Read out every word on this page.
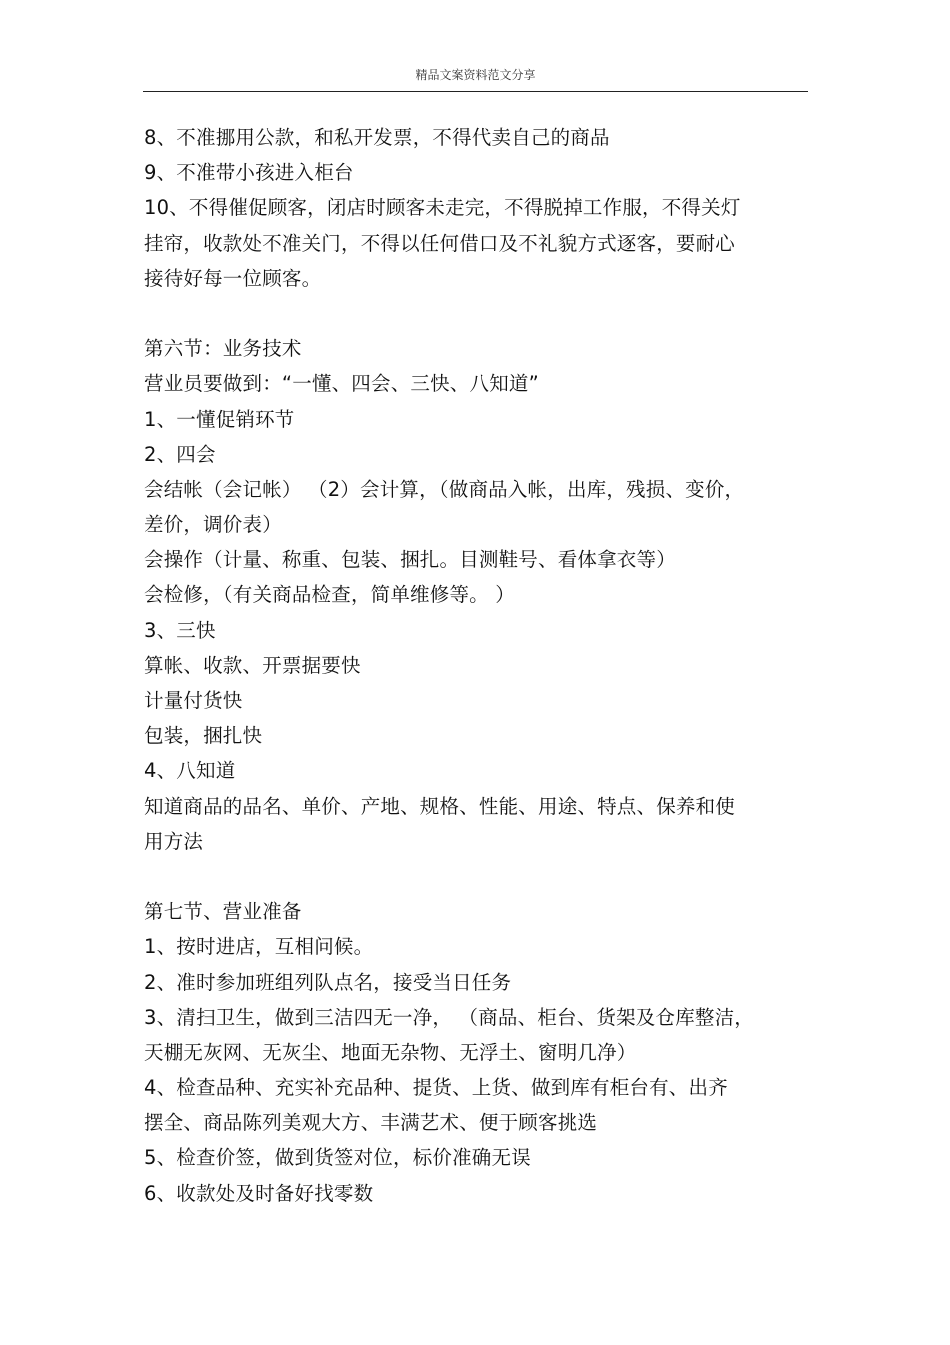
精品文案资料范文分享
8、不准挪用公款，和私开发票，不得代卖自己的商品
9、不准带小孩进入柜台
10、不得催促顾客，闭店时顾客未走完，不得脱掉工作服，不得关灯
挂帘，收款处不准关门，不得以任何借口及不礼貌方式逐客，要耐心
接待好每一位顾客。
第六节：业务技术
营业员要做到：“一懂、四会、三快、八知道”
1、一懂促销环节
2、四会
会结帐（会记帐） （2）会计算，（做商品入帐，出库，残损、变价，
差价，调价表）
会操作（计量、称重、包装、捆扎。目测鞋号、看体拿衣等）
会检修，（有关商品检查，简单维修等。 ）
3、三快
算帐、收款、开票据要快
计量付货快
包装，捆扎快
4、八知道
知道商品的品名、单价、产地、规格、性能、用途、特点、保养和使
用方法
第七节、营业准备
1、按时进店，互相问候。
2、准时参加班组列队点名，接受当日任务
3、清扫卫生，做到三洁四无一净， （商品、柜台、货架及仓库整洁，
天棚无灰网、无灰尘、地面无杂物、无浮土、窗明几净）
4、检查品种、充实补充品种、提货、上货、做到库有柜台有、出齐
摆全、商品陈列美观大方、丰满艺术、便于顾客挑选
5、检查价签，做到货签对位，标价准确无误
6、收款处及时备好找零数
